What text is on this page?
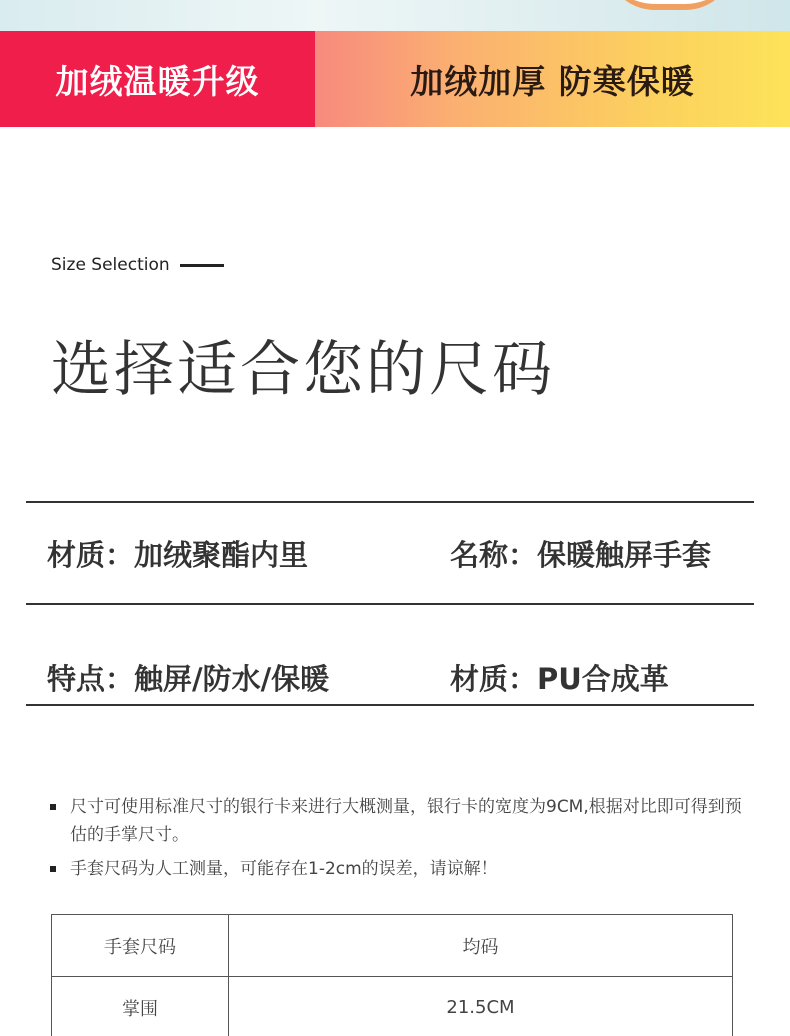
加绒温暖升级	加绒加厚 防寒保暖
Size Selection
选择适合您的尺码
材质：加绒聚酯内里	名称：保暖触屏手套
特点：触屏/防水/保暖	材质：PU合成革
尺寸可使用标准尺寸的银行卡来进行大概测量，银行卡的宽度为9CM,根据对比即可得到预估的手掌尺寸。
手套尺码为人工测量，可能存在1-2cm的误差，请谅解！
手套尺码	均码
掌围	21.5CM
